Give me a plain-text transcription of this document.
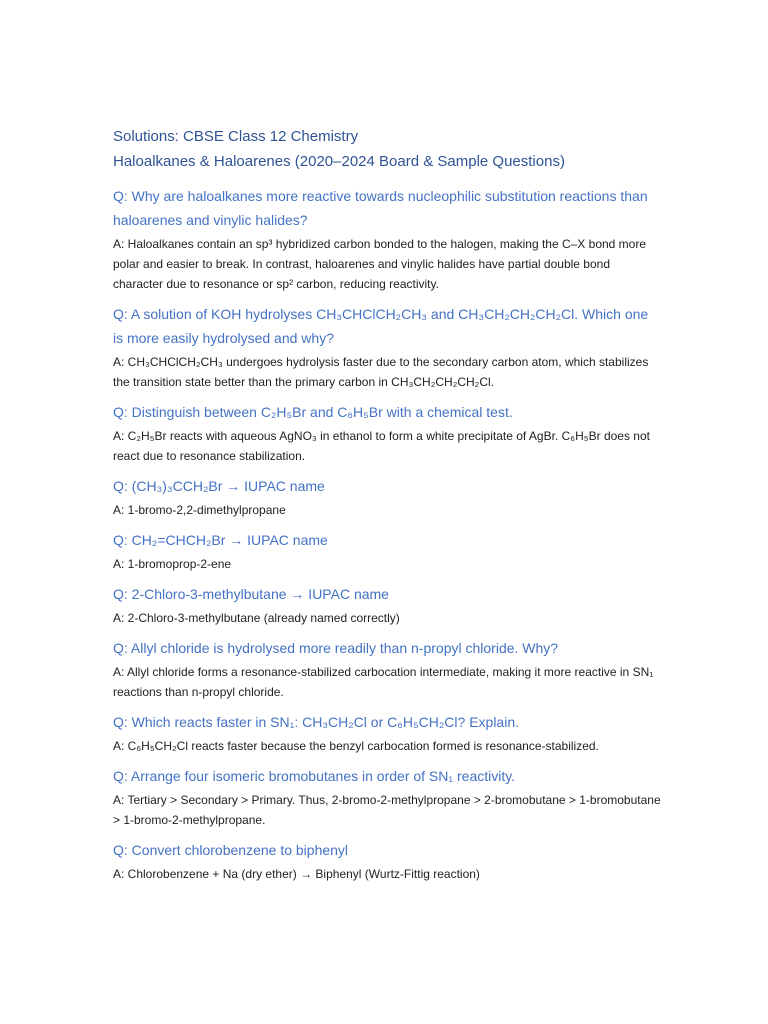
Solutions: CBSE Class 12 Chemistry
Haloalkanes & Haloarenes (2020–2024 Board & Sample Questions)

Q: Why are haloalkanes more reactive towards nucleophilic substitution reactions than haloarenes and vinylic halides?

A: Haloalkanes contain an sp³ hybridized carbon bonded to the halogen, making the C–X bond more polar and easier to break. In contrast, haloarenes and vinylic halides have partial double bond character due to resonance or sp² carbon, reducing reactivity.

Q: A solution of KOH hydrolyses CH₃CHClCH₂CH₃ and CH₃CH₂CH₂CH₂Cl. Which one is more easily hydrolysed and why?

A: CH₃CHClCH₂CH₃ undergoes hydrolysis faster due to the secondary carbon atom, which stabilizes the transition state better than the primary carbon in CH₃CH₂CH₂CH₂Cl.

Q: Distinguish between C₂H₅Br and C₆H₅Br with a chemical test.

A: C₂H₅Br reacts with aqueous AgNO₃ in ethanol to form a white precipitate of AgBr. C₆H₅Br does not react due to resonance stabilization.

Q: (CH₃)₃CCH₂Br → IUPAC name

A: 1-bromo-2,2-dimethylpropane

Q: CH₂=CHCH₂Br → IUPAC name

A: 1-bromoprop-2-ene

Q: 2-Chloro-3-methylbutane → IUPAC name

A: 2-Chloro-3-methylbutane (already named correctly)

Q: Allyl chloride is hydrolysed more readily than n-propyl chloride. Why?

A: Allyl chloride forms a resonance-stabilized carbocation intermediate, making it more reactive in SN₁ reactions than n-propyl chloride.

Q: Which reacts faster in SN₁: CH₃CH₂Cl or C₆H₅CH₂Cl? Explain.

A: C₆H₅CH₂Cl reacts faster because the benzyl carbocation formed is resonance-stabilized.

Q: Arrange four isomeric bromobutanes in order of SN₁ reactivity.

A: Tertiary > Secondary > Primary. Thus, 2-bromo-2-methylpropane > 2-bromobutane > 1-bromobutane > 1-bromo-2-methylpropane.

Q: Convert chlorobenzene to biphenyl

A: Chlorobenzene + Na (dry ether) → Biphenyl (Wurtz-Fittig reaction)
